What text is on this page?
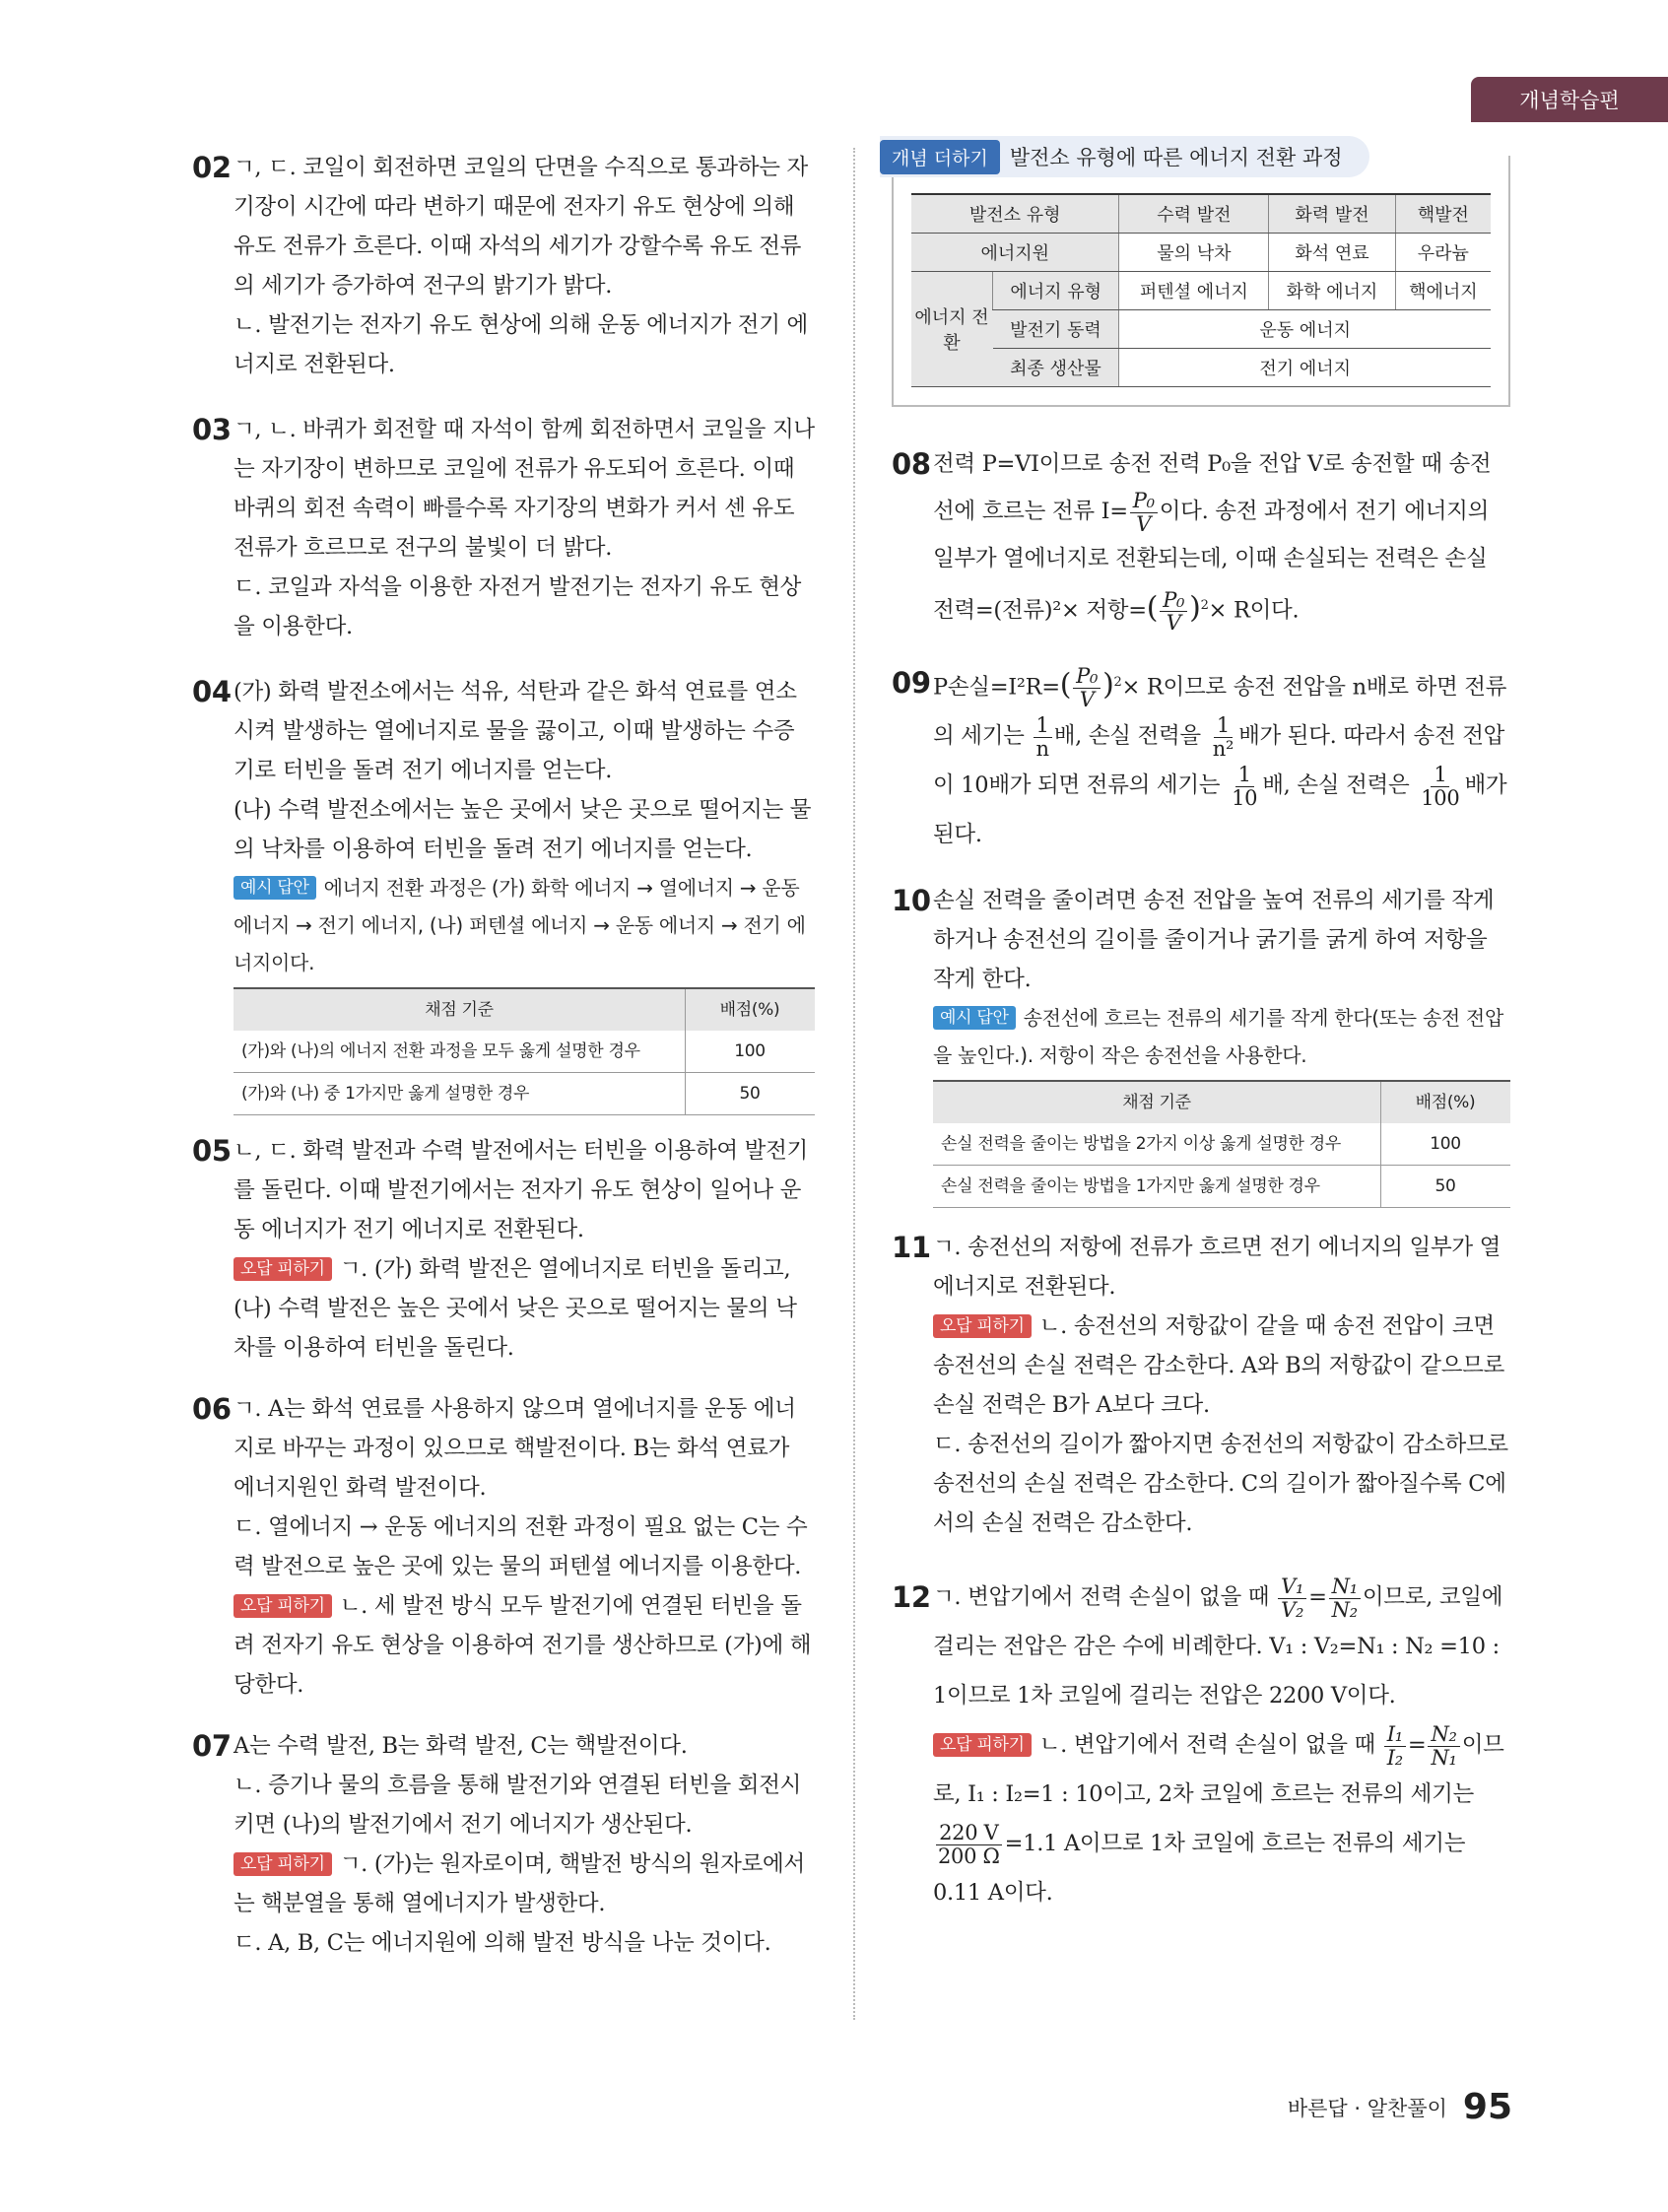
개념학습편
02 ㄱ, ㄷ. 코일이 회전하면 코일의 단면을 수직으로 통과하는 자기장이 시간에 따라 변하기 때문에 전자기 유도 현상에 의해 유도 전류가 흐른다. 이때 자석의 세기가 강할수록 유도 전류의 세기가 증가하여 전구의 밝기가 밝다.

ㄴ. 발전기는 전자기 유도 현상에 의해 운동 에너지가 전기 에너지로 전환된다.

03 ㄱ, ㄴ. 바퀴가 회전할 때 자석이 함께 회전하면서 코일을 지나는 자기장이 변하므로 코일에 전류가 유도되어 흐른다. 이때 바퀴의 회전 속력이 빠를수록 자기장의 변화가 커서 센 유도 전류가 흐르므로 전구의 불빛이 더 밝다.

ㄷ. 코일과 자석을 이용한 자전거 발전기는 전자기 유도 현상을 이용한다.

04 (가) 화력 발전소에서는 석유, 석탄과 같은 화석 연료를 연소시켜 발생하는 열에너지로 물을 끓이고, 이때 발생하는 수증기로 터빈을 돌려 전기 에너지를 얻는다.

(나) 수력 발전소에서는 높은 곳에서 낮은 곳으로 떨어지는 물의 낙차를 이용하여 터빈을 돌려 전기 에너지를 얻는다.

예시 답안 에너지 전환 과정은 (가) 화학 에너지 → 열에너지 → 운동 에너지 → 전기 에너지, (나) 퍼텐셜 에너지 → 운동 에너지 → 전기 에너지이다.

채점 기준	배점(%)
(가)와 (나)의 에너지 전환 과정을 모두 옳게 설명한 경우	100
(가)와 (나) 중 1가지만 옳게 설명한 경우	50
05 ㄴ, ㄷ. 화력 발전과 수력 발전에서는 터빈을 이용하여 발전기를 돌린다. 이때 발전기에서는 전자기 유도 현상이 일어나 운동 에너지가 전기 에너지로 전환된다.

오답 피하기 ㄱ. (가) 화력 발전은 열에너지로 터빈을 돌리고, (나) 수력 발전은 높은 곳에서 낮은 곳으로 떨어지는 물의 낙차를 이용하여 터빈을 돌린다.

06 ㄱ. A는 화석 연료를 사용하지 않으며 열에너지를 운동 에너지로 바꾸는 과정이 있으므로 핵발전이다. B는 화석 연료가 에너지원인 화력 발전이다.

ㄷ. 열에너지 → 운동 에너지의 전환 과정이 필요 없는 C는 수력 발전으로 높은 곳에 있는 물의 퍼텐셜 에너지를 이용한다.

오답 피하기 ㄴ. 세 발전 방식 모두 발전기에 연결된 터빈을 돌려 전자기 유도 현상을 이용하여 전기를 생산하므로 (가)에 해당한다.

07 A는 수력 발전, B는 화력 발전, C는 핵발전이다.

ㄴ. 증기나 물의 흐름을 통해 발전기와 연결된 터빈을 회전시키면 (나)의 발전기에서 전기 에너지가 생산된다.

오답 피하기 ㄱ. (가)는 원자로이며, 핵발전 방식의 원자로에서는 핵분열을 통해 열에너지가 발생한다.

ㄷ. A, B, C는 에너지원에 의해 발전 방식을 나눈 것이다.

개념 더하기	발전소 유형에 따른 에너지 전환 과정
발전소 유형		수력 발전	화력 발전	핵발전
에너지원		물의 낙차	화석 연료	우라늄
에너지 전환	에너지 유형	퍼텐셜 에너지	화학 에너지	핵에너지
	발전기 동력	운동 에너지		
	최종 생산물	전기 에너지		
08 전력 P=VI이므로 송전 전력 P₀을 전압 V로 송전할 때 송전선에 흐르는 전류 $I= \frac{\text{P₀}}{V}$ 이다. 송전 과정에서 전기 에너지의 일부가 열에너지로 전환되는데, 이때 손실되는 전력은 손실 전력=(전류)²× 저항=( $\frac{\text{P₀}}{V} )^2\times R$이다.

09 P손실$=I^2R=( \frac{\text{P₀}}{V} )^2\times R$이므로 송전 전압을 n배로 하면 전류의 세기는 $\frac{1}{n}$ 배, 손실 전력을 $\frac{1}{\text{n²}}$ 배가 된다. 따라서 송전 전압이 10배가 되면 전류의 세기는 $\frac{1}{10}$ 배, 손실 전력은 $\frac{1}{100}$ 배가 된다.

10 손실 전력을 줄이려면 송전 전압을 높여 전류의 세기를 작게 하거나 송전선의 길이를 줄이거나 굵기를 굵게 하여 저항을 작게 한다.

예시 답안 송전선에 흐르는 전류의 세기를 작게 한다(또는 송전 전압을 높인다.). 저항이 작은 송전선을 사용한다.

채점 기준	배점(%)
손실 전력을 줄이는 방법을 2가지 이상 옳게 설명한 경우	100
손실 전력을 줄이는 방법을 1가지만 옳게 설명한 경우	50
11 ㄱ. 송전선의 저항에 전류가 흐르면 전기 에너지의 일부가 열에너지로 전환된다.

오답 피하기 ㄴ. 송전선의 저항값이 같을 때 송전 전압이 크면 송전선의 손실 전력은 감소한다. A와 B의 저항값이 같으므로 손실 전력은 B가 A보다 크다.

ㄷ. 송전선의 길이가 짧아지면 송전선의 저항값이 감소하므로 송전선의 손실 전력은 감소한다. C의 길이가 짧아질수록 C에서의 손실 전력은 감소한다.

12 ㄱ. 변압기에서 전력 손실이 없을 때 $\frac{\text{V₁}}{\text{V₂}} = \frac{\text{N₁}}{\text{N₂}}$ 이므로, 코일에 걸리는 전압은 감은 수에 비례한다. V₁ : V₂=N₁ : N₂ =10 : 1이므로 1차 코일에 걸리는 전압은 2200 V이다.

오답 피하기 ㄴ. 변압기에서 전력 손실이 없을 때 $\frac{\text{I₁}}{\text{I₂}} = \frac{\text{N₂}}{\text{N₁}}$ 이므로, I₁ : I₂=1 : 10이고, 2차 코일에 흐르는 전류의 세기는
$\frac{220 V}{200 \Omega} =1.1$ A이므로 1차 코일에 흐르는 전류의 세기는 0.11 A이다.

바른답 · 알찬풀이 95
